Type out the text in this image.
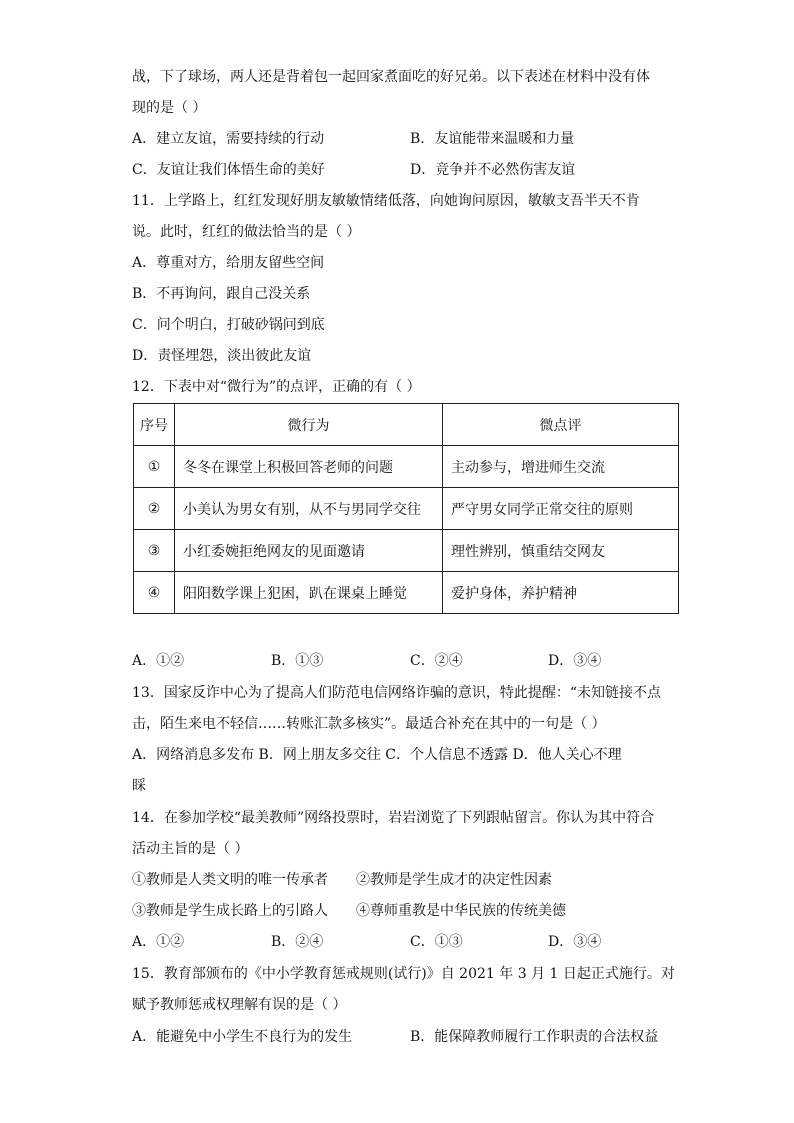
战，下了球场，两人还是背着包一起回家煮面吃的好兄弟。以下表述在材料中没有体
现的是（ ）
A．建立友谊，需要持续的行动	B．友谊能带来温暖和力量
C．友谊让我们体悟生命的美好	D．竞争并不必然伤害友谊
11．上学路上，红红发现好朋友敏敏情绪低落，向她询问原因，敏敏支吾半天不肯
说。此时，红红的做法恰当的是（ ）
A．尊重对方，给朋友留些空间
B．不再询问，跟自己没关系
C．问个明白，打破砂锅问到底
D．责怪埋怨，淡出彼此友谊
12．下表中对“微行为”的点评，正确的有（ ）
序号	微行为	微点评
①	冬冬在课堂上积极回答老师的问题	主动参与，增进师生交流
②	小美认为男女有别，从不与男同学交往	严守男女同学正常交往的原则
③	小红委婉拒绝网友的见面邀请	理性辨别，慎重结交网友
④	阳阳数学课上犯困，趴在课桌上睡觉	爱护身体，养护精神
A．①②	B．①③	C．②④	D．③④
13．国家反诈中心为了提高人们防范电信网络诈骗的意识，特此提醒：“未知链接不点
击，陌生来电不轻信……转账汇款多核实”。最适合补充在其中的一句是（ ）
A．网络消息多发布 B．网上朋友多交往 C．个人信息不透露 D．他人关心不理
睬
14．在参加学校“最美教师”网络投票时，岩岩浏览了下列跟帖留言。你认为其中符合
活动主旨的是（ ）
①教师是人类文明的唯一传承者 ②教师是学生成才的决定性因素
③教师是学生成长路上的引路人 ④尊师重教是中华民族的传统美德
A．①②	B．②④	C．①③	D．③④
15．教育部颁布的《中小学教育惩戒规则(试行)》自 2021 年 3 月 1 日起正式施行。对
赋予教师惩戒权理解有误的是（ ）
A．能避免中小学生不良行为的发生	B．能保障教师履行工作职责的合法权益
